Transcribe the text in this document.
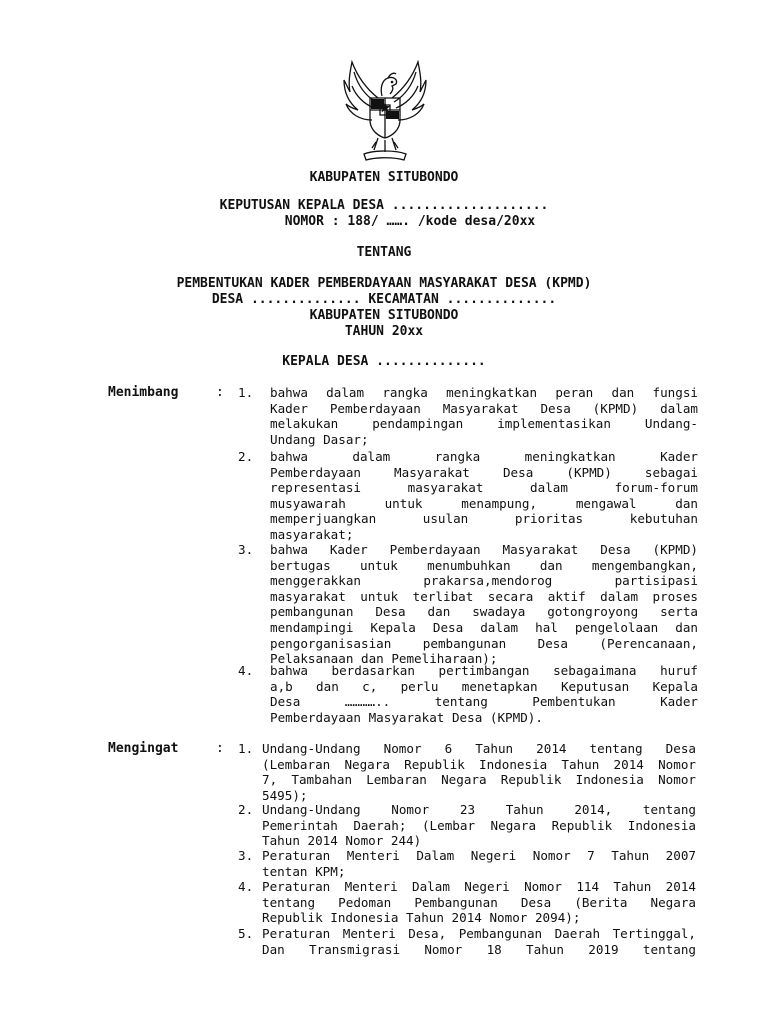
KABUPATEN SITUBONDO
KEPUTUSAN KEPALA DESA ....................
NOMOR : 188/ ……. /kode desa/20xx
TENTANG
PEMBENTUKAN KADER PEMBERDAYAAN MASYARAKAT DESA (KPMD)
DESA .............. KECAMATAN ..............
KABUPATEN SITUBONDO
TAHUN 20xx
KEPALA DESA ..............
Menimbang	: 1. bahwa dalam rangka meningkatkan peran dan fungsi
Kader Pemberdayaan Masyarakat Desa (KPMD) dalam
melakukan pendampingan implementasikan Undang-
Undang Dasar;
2. bahwa dalam rangka meningkatkan Kader
Pemberdayaan Masyarakat Desa (KPMD) sebagai
representasi masyarakat dalam forum-forum
musyawarah untuk menampung, mengawal dan
memperjuangkan usulan prioritas kebutuhan
masyarakat;
3. bahwa Kader Pemberdayaan Masyarakat Desa (KPMD)
bertugas untuk menumbuhkan dan mengembangkan,
menggerakkan prakarsa,mendorog partisipasi
masyarakat untuk terlibat secara aktif dalam proses
pembangunan Desa dan swadaya gotongroyong serta
mendampingi Kepala Desa dalam hal pengelolaan dan
pengorganisasian pembangunan Desa (Perencanaan,
Pelaksanaan dan Pemeliharaan);
4. bahwa berdasarkan pertimbangan sebagaimana huruf
a,b dan c, perlu menetapkan Keputusan Kepala
Desa ………….. tentang Pembentukan Kader
Pemberdayaan Masyarakat Desa (KPMD).
Mengingat	: 1. Undang-Undang Nomor 6 Tahun 2014 tentang Desa
(Lembaran Negara Republik Indonesia Tahun 2014 Nomor
7, Tambahan Lembaran Negara Republik Indonesia Nomor
5495);
2. Undang-Undang Nomor 23 Tahun 2014, tentang
Pemerintah Daerah; (Lembar Negara Republik Indonesia
Tahun 2014 Nomor 244)
3. Peraturan Menteri Dalam Negeri Nomor 7 Tahun 2007
tentan KPM;
4. Peraturan Menteri Dalam Negeri Nomor 114 Tahun 2014
tentang Pedoman Pembangunan Desa (Berita Negara
Republik Indonesia Tahun 2014 Nomor 2094);
5. Peraturan Menteri Desa, Pembangunan Daerah Tertinggal,
Dan Transmigrasi Nomor 18 Tahun 2019 tentang
